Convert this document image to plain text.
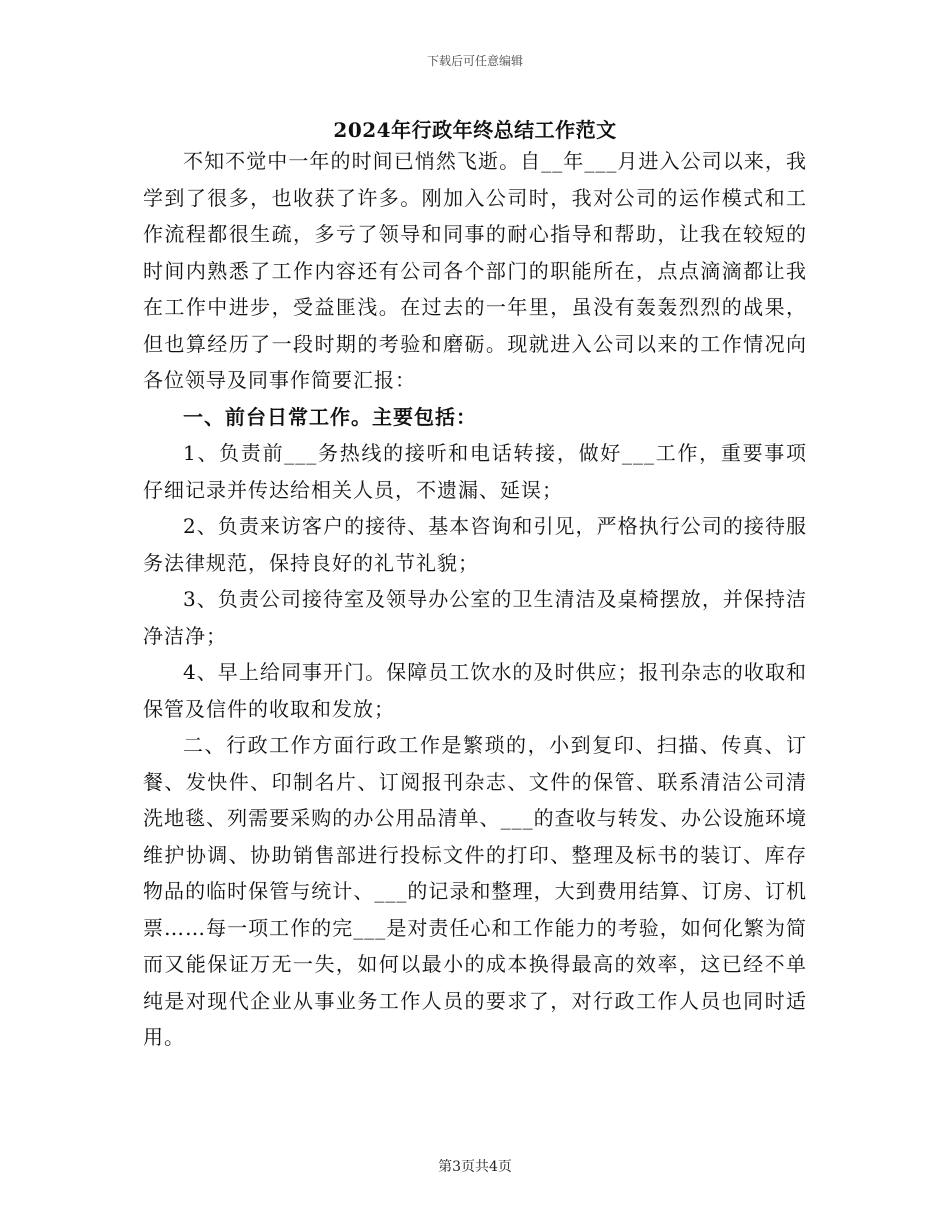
下载后可任意编辑
2024年行政年终总结工作范文

不知不觉中一年的时间已悄然飞逝。自__年___月进入公司以来，我学到了很多，也收获了许多。刚加入公司时，我对公司的运作模式和工作流程都很生疏，多亏了领导和同事的耐心指导和帮助，让我在较短的时间内熟悉了工作内容还有公司各个部门的职能所在，点点滴滴都让我在工作中进步，受益匪浅。在过去的一年里，虽没有轰轰烈烈的战果，但也算经历了一段时期的考验和磨砺。现就进入公司以来的工作情况向各位领导及同事作简要汇报：

一、前台日常工作。主要包括：

1、负责前___务热线的接听和电话转接，做好___工作，重要事项仔细记录并传达给相关人员，不遗漏、延误；

2、负责来访客户的接待、基本咨询和引见，严格执行公司的接待服务法律规范，保持良好的礼节礼貌；

3、负责公司接待室及领导办公室的卫生清洁及桌椅摆放，并保持洁净洁净；

4、早上给同事开门。保障员工饮水的及时供应；报刊杂志的收取和保管及信件的收取和发放；

二、行政工作方面行政工作是繁琐的，小到复印、扫描、传真、订餐、发快件、印制名片、订阅报刊杂志、文件的保管、联系清洁公司清洗地毯、列需要采购的办公用品清单、___的查收与转发、办公设施环境维护协调、协助销售部进行投标文件的打印、整理及标书的装订、库存物品的临时保管与统计、___的记录和整理，大到费用结算、订房、订机票……每一项工作的完___是对责任心和工作能力的考验，如何化繁为简而又能保证万无一失，如何以最小的成本换得最高的效率，这已经不单纯是对现代企业从事业务工作人员的要求了，对行政工作人员也同时适用。

第3页共4页
